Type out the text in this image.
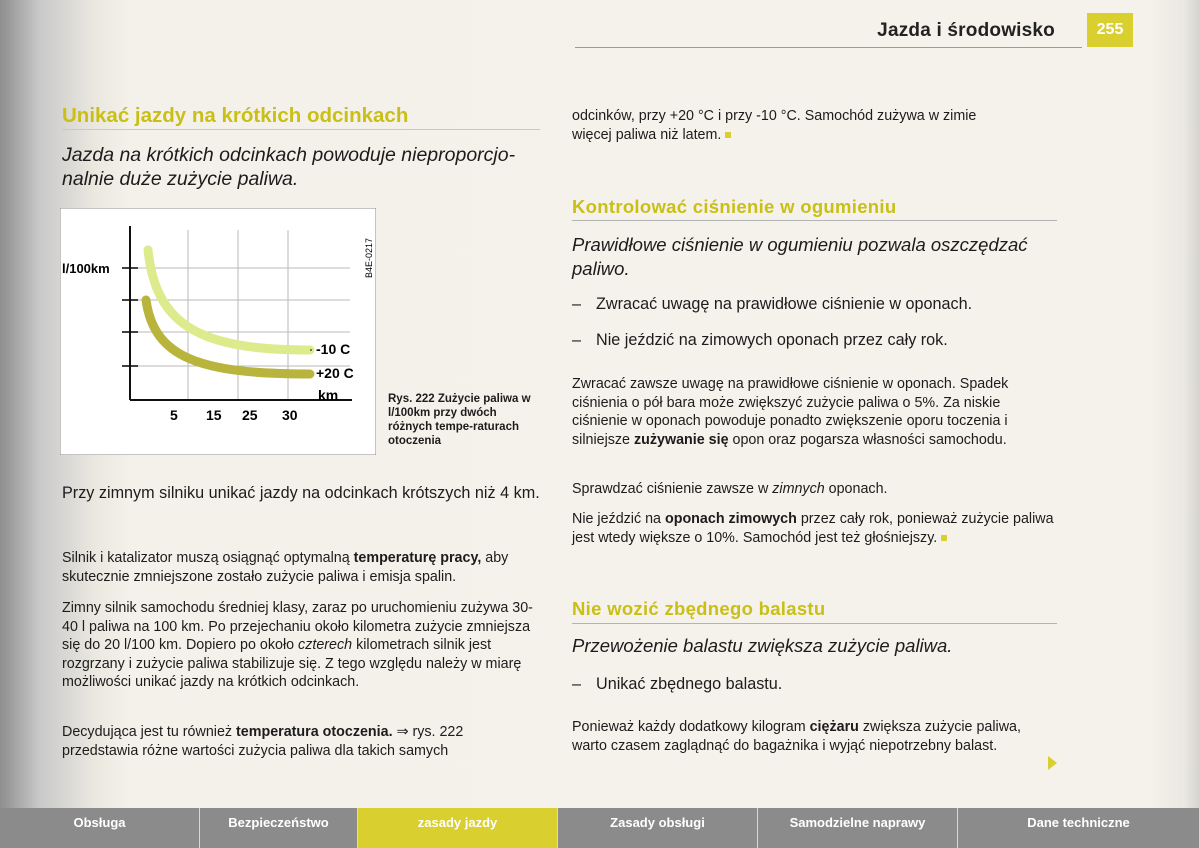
Jazda i środowisko	255
Unikać jazdy na krótkich odcinkach
Jazda na krótkich odcinkach powoduje nieproporcjo-nalnie duże zużycie paliwa.
l/100km
-10 C
+20 C
km
5 15 25 30
B4E-0217
Rys. 222 Zużycie paliwa w l/100km przy dwóch różnych tempe-raturach otoczenia
Przy zimnym silniku unikać jazdy na odcinkach krótszych niż 4 km.
Silnik i katalizator muszą osiągnąć optymalną temperaturę pracy, aby skutecznie zmniejszone zostało zużycie paliwa i emisja spalin.
Zimny silnik samochodu średniej klasy, zaraz po uruchomieniu zużywa 30-40 l paliwa na 100 km. Po przejechaniu około kilometra zużycie zmniejsza się do 20 l/100 km. Dopiero po około czterech kilometrach silnik jest rozgrzany i zużycie paliwa stabilizuje się. Z tego względu należy w miarę możliwości unikać jazdy na krótkich odcinkach.
Decydująca jest tu również temperatura otoczenia. ⇒ rys. 222 przedstawia różne wartości zużycia paliwa dla takich samych
odcinków, przy +20 °C i przy -10 °C. Samochód zużywa w zimie więcej paliwa niż latem.
Kontrolować ciśnienie w ogumieniu
Prawidłowe ciśnienie w ogumieniu pozwala oszczędzać paliwo.
– Zwracać uwagę na prawidłowe ciśnienie w oponach.
– Nie jeździć na zimowych oponach przez cały rok.
Zwracać zawsze uwagę na prawidłowe ciśnienie w oponach. Spadek ciśnienia o pół bara może zwiększyć zużycie paliwa o 5%. Za niskie ciśnienie w oponach powoduje ponadto zwiększenie oporu toczenia i silniejsze zużywanie się opon oraz pogarsza własności samochodu.
Sprawdzać ciśnienie zawsze w zimnych oponach.
Nie jeździć na oponach zimowych przez cały rok, ponieważ zużycie paliwa jest wtedy większe o 10%. Samochód jest też głośniejszy.
Nie wozić zbędnego balastu
Przewożenie balastu zwiększa zużycie paliwa.
– Unikać zbędnego balastu.
Ponieważ każdy dodatkowy kilogram ciężaru zwiększa zużycie paliwa, warto czasem zaglądnąć do bagażnika i wyjąć niepotrzebny balast.
Obsługa	Bezpieczeństwo	zasady jazdy	Zasady obsługi	Samodzielne naprawy	Dane techniczne
